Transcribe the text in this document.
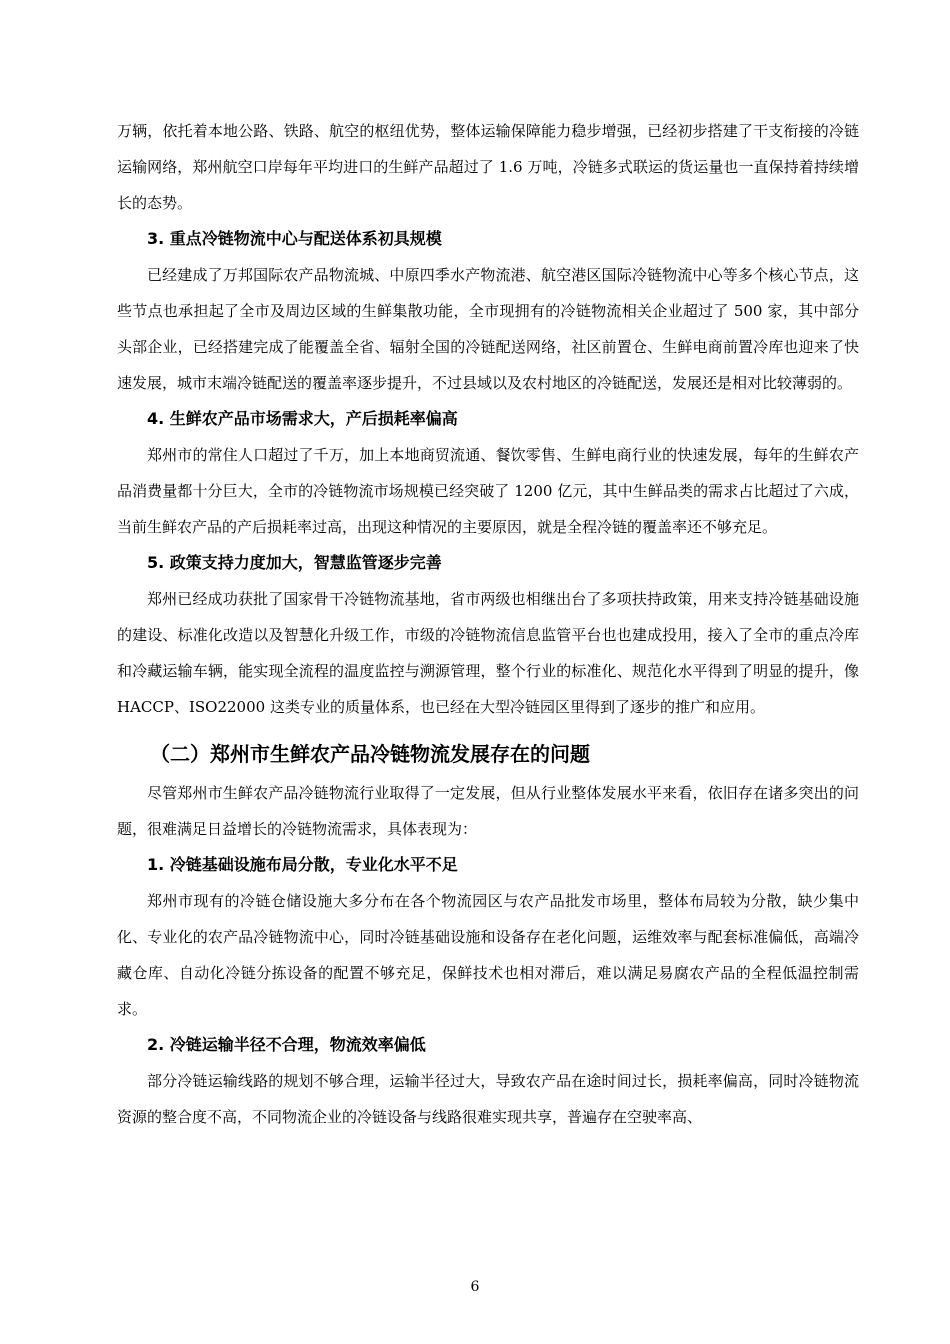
万辆，依托着本地公路、铁路、航空的枢纽优势，整体运输保障能力稳步增强，已经初步搭建了干支衔接的冷链运输网络，郑州航空口岸每年平均进口的生鲜产品超过了 1.6 万吨，冷链多式联运的货运量也一直保持着持续增长的态势。

3. 重点冷链物流中心与配送体系初具规模

已经建成了万邦国际农产品物流城、中原四季水产物流港、航空港区国际冷链物流中心等多个核心节点，这些节点也承担起了全市及周边区域的生鲜集散功能，全市现拥有的冷链物流相关企业超过了 500 家，其中部分头部企业，已经搭建完成了能覆盖全省、辐射全国的冷链配送网络，社区前置仓、生鲜电商前置冷库也迎来了快速发展，城市末端冷链配送的覆盖率逐步提升，不过县域以及农村地区的冷链配送，发展还是相对比较薄弱的。

4. 生鲜农产品市场需求大，产后损耗率偏高

郑州市的常住人口超过了千万，加上本地商贸流通、餐饮零售、生鲜电商行业的快速发展，每年的生鲜农产品消费量都十分巨大，全市的冷链物流市场规模已经突破了 1200 亿元，其中生鲜品类的需求占比超过了六成，当前生鲜农产品的产后损耗率过高，出现这种情况的主要原因，就是全程冷链的覆盖率还不够充足。

5. 政策支持力度加大，智慧监管逐步完善

郑州已经成功获批了国家骨干冷链物流基地，省市两级也相继出台了多项扶持政策，用来支持冷链基础设施的建设、标准化改造以及智慧化升级工作，市级的冷链物流信息监管平台也也建成投用，接入了全市的重点冷库和冷藏运输车辆，能实现全流程的温度监控与溯源管理，整个行业的标准化、规范化水平得到了明显的提升，像 HACCP、ISO22000 这类专业的质量体系，也已经在大型冷链园区里得到了逐步的推广和应用。

（二）郑州市生鲜农产品冷链物流发展存在的问题

尽管郑州市生鲜农产品冷链物流行业取得了一定发展，但从行业整体发展水平来看，依旧存在诸多突出的问题，很难满足日益增长的冷链物流需求，具体表现为：

1. 冷链基础设施布局分散，专业化水平不足

郑州市现有的冷链仓储设施大多分布在各个物流园区与农产品批发市场里，整体布局较为分散，缺少集中化、专业化的农产品冷链物流中心，同时冷链基础设施和设备存在老化问题，运维效率与配套标准偏低，高端冷藏仓库、自动化冷链分拣设备的配置不够充足，保鲜技术也相对滞后，难以满足易腐农产品的全程低温控制需求。

2. 冷链运输半径不合理，物流效率偏低

部分冷链运输线路的规划不够合理，运输半径过大，导致农产品在途时间过长，损耗率偏高，同时冷链物流资源的整合度不高，不同物流企业的冷链设备与线路很难实现共享，普遍存在空驶率高、

6
